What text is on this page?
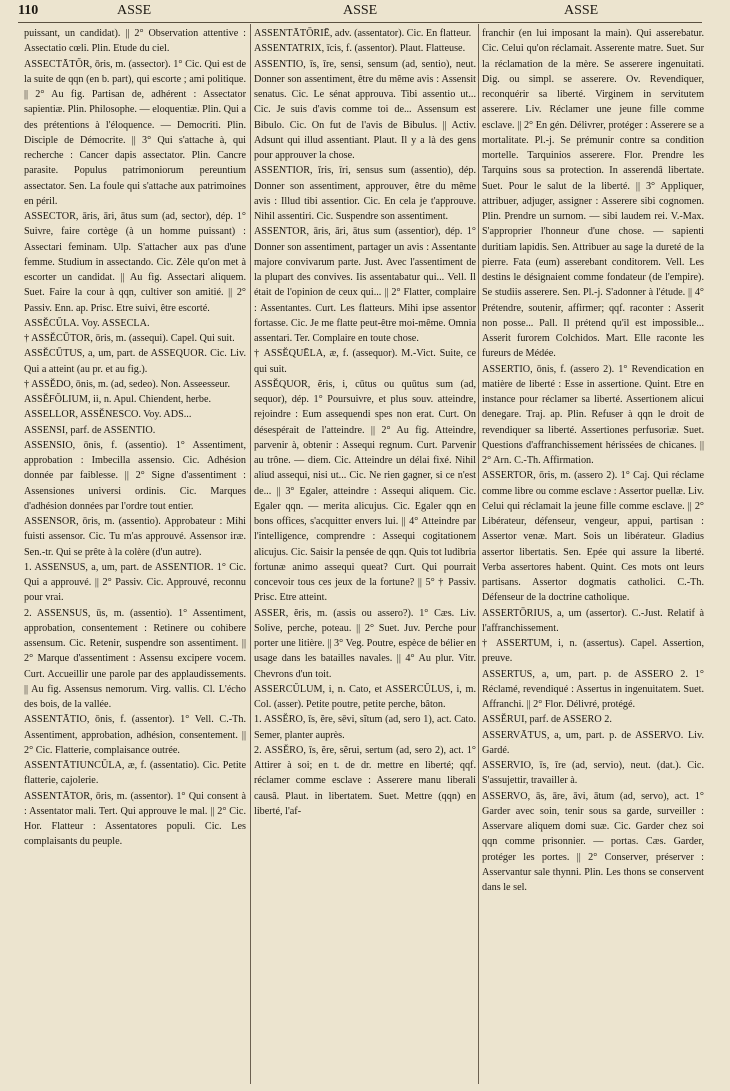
110	ASSE	ASSE	ASSE

puissant, un candidat). || 2° Observation attentive : Assectatio cœli. Plin. Etude du ciel.

ASSECTĀTŎR, ōris, m. (assector). 1° Cic. Qui est de la suite de qqn (en b. part), qui escorte ; ami politique. || 2° Au fig. Partisan de, adhérent : Assectator sapientiæ. Plin. Philosophe. — eloquentiæ. Plin. Qui a des prétentions à l'éloquence. — Democriti. Plin. Disciple de Démocrite. || 3° Qui s'attache à, qui recherche : Cancer dapis assectator. Plin. Cancre parasite. Populus patrimoniorum pereuntium assectator. Sen. La foule qui s'attache aux patrimoines en péril.

ASSECTOR, āris, āri, ātus sum (ad, sector), dép. 1° Suivre, faire cortège (à un homme puissant) : Assectari feminam. Ulp. S'attacher aux pas d'une femme. Studium in assectando. Cic. Zèle qu'on met à escorter un candidat. || Au fig. Assectari aliquem. Suet. Faire la cour à qqn, cultiver son amitié. || 2° Passiv. Enn. ap. Prisc. Etre suivi, être escorté.

ASSĔCŬLA. Voy. ASSECLA.

† ASSĔCŪTOR, ōris, m. (assequi). Capel. Qui suit.

ASSĔCŪTUS, a, um, part. de ASSEQUOR. Cic. Liv. Qui a atteint (au pr. et au fig.).

† ASSĔDO, ōnis, m. (ad, sedeo). Non. Asseesseur.

ASSĔFŎLIUM, ii, n. Apul. Chiendent, herbe.

ASSELLOR, ASSĔNESCO. Voy. ADS...

ASSENSI, parf. de ASSENTIO.

ASSENSIO, ōnis, f. (assentio). 1° Assentiment, approbation : Imbecilla assensio. Cic. Adhésion donnée par faiblesse. || 2° Signe d'assentiment : Assensiones universi ordinis. Cic. Marques d'adhésion données par l'ordre tout entier.

ASSENSOR, ōris, m. (assentio). Approbateur : Mihi fuisti assensor. Cic. Tu m'as approuvé. Assensor iræ. Sen.-tr. Qui se prête à la colère (d'un autre).

1. ASSENSUS, a, um, part. de ASSENTIOR. 1° Cic. Qui a approuvé. || 2° Passiv. Cic. Approuvé, reconnu pour vrai.

2. ASSENSUS, ūs, m. (assentio). 1° Assentiment, approbation, consentement : Retinere ou cohibere assensum. Cic. Retenir, suspendre son assentiment. || 2° Marque d'assentiment : Assensu excipere vocem. Curt. Accueillir une parole par des applaudissements. || Au fig. Assensus nemorum. Virg. vallis. Cl. L'écho des bois, de la vallée.

ASSENTĀTIO, ōnis, f. (assentor). 1° Vell. C.-Th. Assentiment, approbation, adhésion, consentement. || 2° Cic. Flatterie, complaisance outrée.

ASSENTĀTIUNCŬLA, æ, f. (assentatio). Cic. Petite flatterie, cajolerie.

ASSENTĀTOR, ōris, m. (assentor). 1° Qui consent à : Assentator mali. Tert. Qui approuve le mal. || 2° Cic. Hor. Flatteur : Assentatores populi. Cic. Les complaisants du peuple.

ASSENTĀTŌRIĒ, adv. (assentator). Cic. En flatteur.

ASSENTATRIX, īcis, f. (assentor). Plaut. Flatteuse.

ASSENTIO, īs, īre, sensi, sensum (ad, sentio), neut. Donner son assentiment, être du même avis : Assensit senatus. Cic. Le sénat approuva. Tibi assentio ut... Cic. Je suis d'avis comme toi de... Assensum est Bibulo. Cic. On fut de l'avis de Bibulus. || Activ. Adsunt qui illud assentiant. Plaut. Il y a là des gens pour approuver la chose.

ASSENTIOR, īris, īri, sensus sum (assentio), dép. Donner son assentiment, approuver, être du même avis : Illud tibi assentior. Cic. En cela je t'approuve. Nihil assentiri. Cic. Suspendre son assentiment.

ASSENTOR, āris, āri, ātus sum (assentior), dép. 1° Donner son assentiment, partager un avis : Assentante majore convivarum parte. Just. Avec l'assentiment de la plupart des convives. Iis assentabatur qui... Vell. Il était de l'opinion de ceux qui... || 2° Flatter, complaire : Assentantes. Curt. Les flatteurs. Mihi ipse assentor fortasse. Cic. Je me flatte peut-être moi-même. Omnia assentari. Ter. Complaire en toute chose.

† ASSĔQUĒLA, æ, f. (assequor). M.-Vict. Suite, ce qui suit.

ASSĔQUOR, ĕris, i, cūtus ou quūtus sum (ad, sequor), dép. 1° Poursuivre, et plus souv. atteindre, rejoindre : Eum assequendi spes non erat. Curt. On désespérait de l'atteindre. || 2° Au fig. Atteindre, parvenir à, obtenir : Assequi regnum. Curt. Parvenir au trône. — diem. Cic. Atteindre un délai fixé. Nihil aliud assequi, nisi ut... Cic. Ne rien gagner, si ce n'est de... || 3° Egaler, atteindre : Assequi aliquem. Cic. Egaler qqn. — merita alicujus. Cic. Egaler qqn en bons offices, s'acquitter envers lui. || 4° Atteindre par l'intelligence, comprendre : Assequi cogitationem alicujus. Cic. Saisir la pensée de qqn. Quis tot ludibria fortunæ animo assequi queat? Curt. Qui pourrait concevoir tous ces jeux de la fortune? || 5° † Passiv. Prisc. Etre atteint.

ASSER, ĕris, m. (assis ou assero?). 1° Cæs. Liv. Solive, perche, poteau. || 2° Suet. Juv. Perche pour porter une litière. || 3° Veg. Poutre, espèce de bélier en usage dans les batailles navales. || 4° Au plur. Vitr. Chevrons d'un toit.

ASSERCŬLUM, i, n. Cato, et ASSERCŬLUS, i, m. Col. (asser). Petite poutre, petite perche, bâton.

1. ASSĔRO, īs, ĕre, sēvi, sĭtum (ad, sero 1), act. Cato. Semer, planter auprès.

2. ASSĔRO, īs, ĕre, sĕrui, sertum (ad, sero 2), act. 1° Attirer à soi; en t. de dr. mettre en liberté; qqf. réclamer comme esclave : Asserere manu liberali causâ. Plaut. in libertatem. Suet. Mettre (qqn) en liberté, l'af-

franchir (en lui imposant la main). Qui asserebatur. Cic. Celui qu'on réclamait. Asserente matre. Suet. Sur la réclamation de la mère. Se asserere ingenuitati. Dig. ou simpl. se asserere. Ov. Revendiquer, reconquérir sa liberté. Virginem in servitutem asserere. Liv. Réclamer une jeune fille comme esclave. || 2° En gén. Délivrer, protéger : Asserere se a mortalitate. Pl.-j. Se prémunir contre sa condition mortelle. Tarquinios asserere. Flor. Prendre les Tarquins sous sa protection. In asserendâ libertate. Suet. Pour le salut de la liberté. || 3° Appliquer, attribuer, adjuger, assigner : Asserere sibi cognomen. Plin. Prendre un surnom. — sibi laudem rei. V.-Max. S'approprier l'honneur d'une chose. — sapienti duritiam lapidis. Sen. Attribuer au sage la dureté de la pierre. Fata (eum) asserebant conditorem. Vell. Les destins le désignaient comme fondateur (de l'empire). Se studiis asserere. Sen. Pl.-j. S'adonner à l'étude. || 4° Prétendre, soutenir, affirmer; qqf. raconter : Asserit non posse... Pall. Il prétend qu'il est impossible... Asserit furorem Colchidos. Mart. Elle raconte les fureurs de Médée.

ASSERTIO, ōnis, f. (assero 2). 1° Revendication en matière de liberté : Esse in assertione. Quint. Etre en instance pour réclamer sa liberté. Assertionem alicui denegare. Traj. ap. Plin. Refuser à qqn le droit de revendiquer sa liberté. Assertiones perfusoriæ. Suet. Questions d'affranchissement hérissées de chicanes. || 2° Arn. C.-Th. Affirmation.

ASSERTOR, ōris, m. (assero 2). 1° Caj. Qui réclame comme libre ou comme esclave : Assertor puellæ. Liv. Celui qui réclamait la jeune fille comme esclave. || 2° Libérateur, défenseur, vengeur, appui, partisan : Assertor venæ. Mart. Sois un libérateur. Gladius assertor libertatis. Sen. Epée qui assure la liberté. Verba assertores habent. Quint. Ces mots ont leurs partisans. Assertor dogmatis catholici. C.-Th. Défenseur de la doctrine catholique.

ASSERTŌRIUS, a, um (assertor). C.-Just. Relatif à l'affranchissement.

† ASSERTUM, i, n. (assertus). Capel. Assertion, preuve.

ASSERTUS, a, um, part. p. de ASSERO 2. 1° Réclamé, revendiqué : Assertus in ingenuitatem. Suet. Affranchi. || 2° Flor. Délivré, protégé.

ASSĔRUI, parf. de ASSERO 2.

ASSERVĀTUS, a, um, part. p. de ASSERVO. Liv. Gardé.

ASSERVIO, īs, īre (ad, servio), neut. (dat.). Cic. S'assujettir, travailler à.

ASSERVO, ās, āre, āvi, ātum (ad, servo), act. 1° Garder avec soin, tenir sous sa garde, surveiller : Asservare aliquem domi suæ. Cic. Garder chez soi qqn comme prisonnier. — portas. Cæs. Garder, protéger les portes. || 2° Conserver, préserver : Asservantur sale thynni. Plin. Les thons se conservent dans le sel.
